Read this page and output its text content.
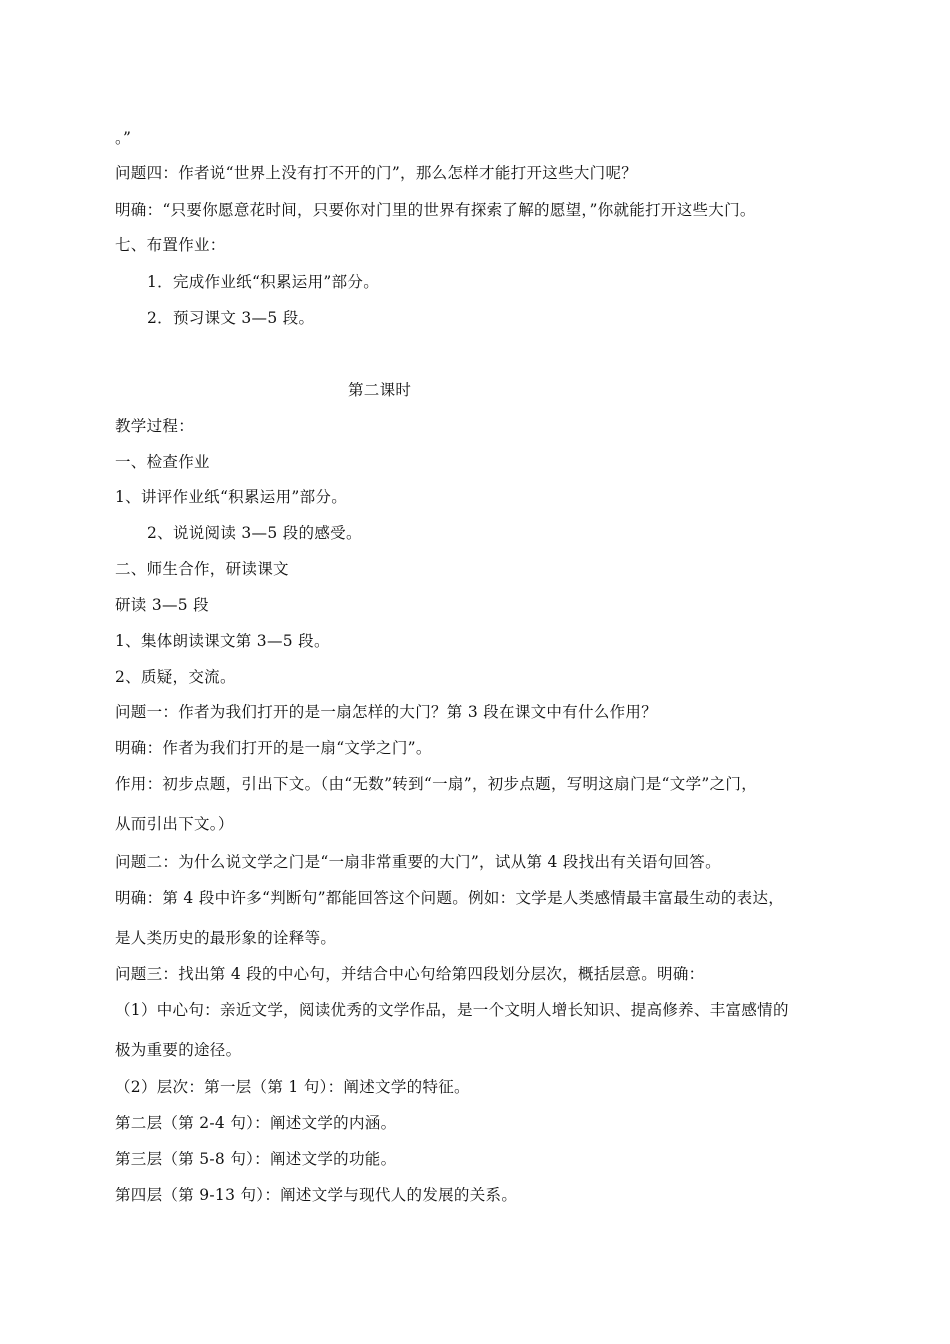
。”
问题四：作者说“世界上没有打不开的门”，那么怎样才能打开这些大门呢？
明确：“只要你愿意花时间，只要你对门里的世界有探索了解的愿望，”你就能打开这些大门。
七、布置作业：
1．完成作业纸“积累运用”部分。
2．预习课文 3—5 段。
第二课时
教学过程：
一、检查作业
1、讲评作业纸“积累运用”部分。
2、说说阅读 3—5 段的感受。
二、师生合作，研读课文
研读 3—5 段
1、集体朗读课文第 3—5 段。
2、质疑，交流。
问题一：作者为我们打开的是一扇怎样的大门？第 3 段在课文中有什么作用？
明确：作者为我们打开的是一扇“文学之门”。
作用：初步点题，引出下文。（由“无数”转到“一扇”，初步点题，写明这扇门是“文学”之门，
从而引出下文。）
问题二：为什么说文学之门是“一扇非常重要的大门”，试从第 4 段找出有关语句回答。
明确：第 4 段中许多“判断句”都能回答这个问题。例如：文学是人类感情最丰富最生动的表达，
是人类历史的最形象的诠释等。
问题三：找出第 4 段的中心句，并结合中心句给第四段划分层次，概括层意。明确：
（1）中心句：亲近文学，阅读优秀的文学作品，是一个文明人增长知识、提高修养、丰富感情的
极为重要的途径。
（2）层次：第一层（第 1 句）：阐述文学的特征。
第二层（第 2-4 句）：阐述文学的内涵。
第三层（第 5-8 句）：阐述文学的功能。
第四层（第 9-13 句）：阐述文学与现代人的发展的关系。
